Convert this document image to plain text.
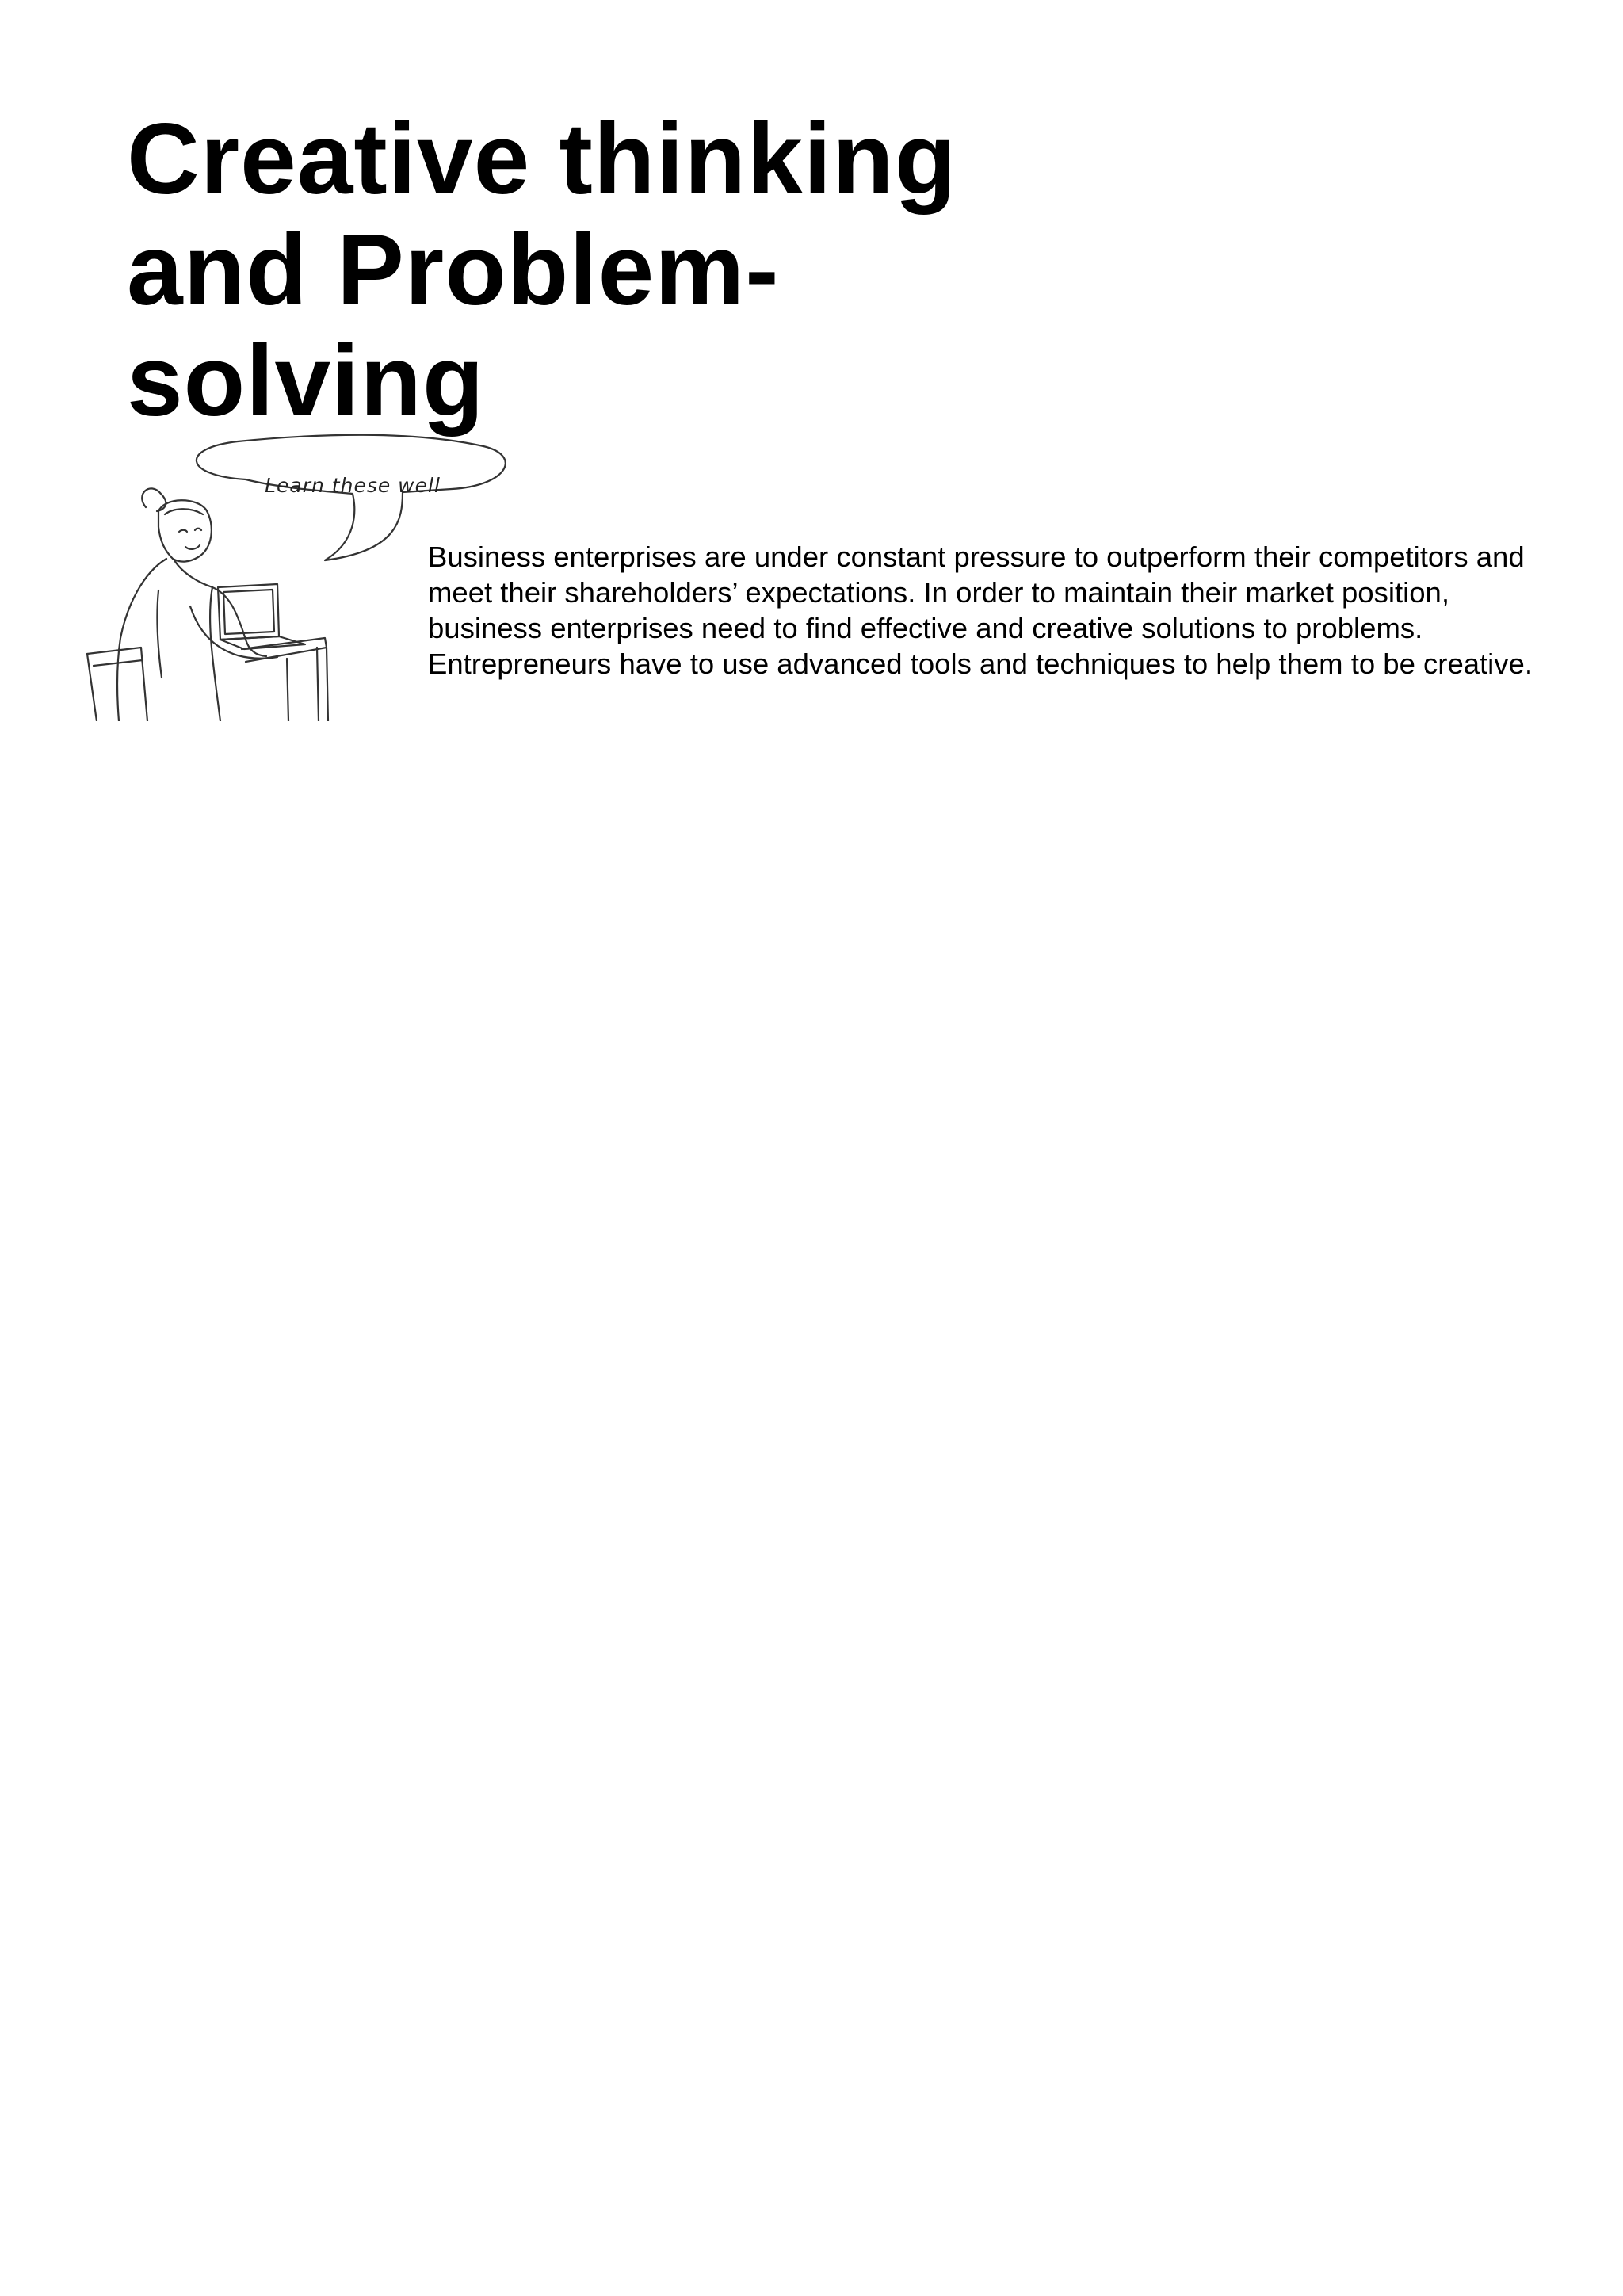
Creative thinking
and Problem-
solving
Learn these well

Business enterprises are under constant pressure to outperform their competitors and meet their shareholders’ expectations. In order to maintain their market position, business enterprises need to find effective and creative solutions to problems. Entrepreneurs have to use advanced tools and techniques to help them to be creative.
